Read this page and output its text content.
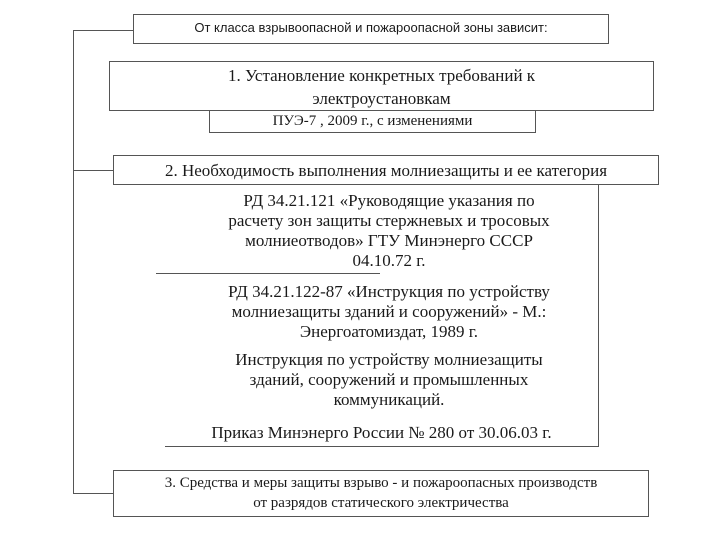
От класса взрывоопасной и пожароопасной зоны зависит:
1. Установление конкретных требований к
электроустановкам
ПУЭ-7 , 2009 г., с изменениями
2. Необходимость выполнения молниезащиты и ее категория
РД 34.21.121 «Руководящие указания по
расчету зон защиты стержневых и тросовых
молниеотводов» ГТУ Минэнерго СССР
04.10.72 г.
РД 34.21.122-87 «Инструкция по устройству
молниезащиты зданий и сооружений» - М.:
Энергоатомиздат, 1989 г.
Инструкция по устройству молниезащиты
зданий, сооружений и промышленных
коммуникаций.
Приказ Минэнерго России № 280 от 30.06.03 г.
3. Средства и меры защиты взрыво - и пожароопасных производств
от разрядов статического электричества
